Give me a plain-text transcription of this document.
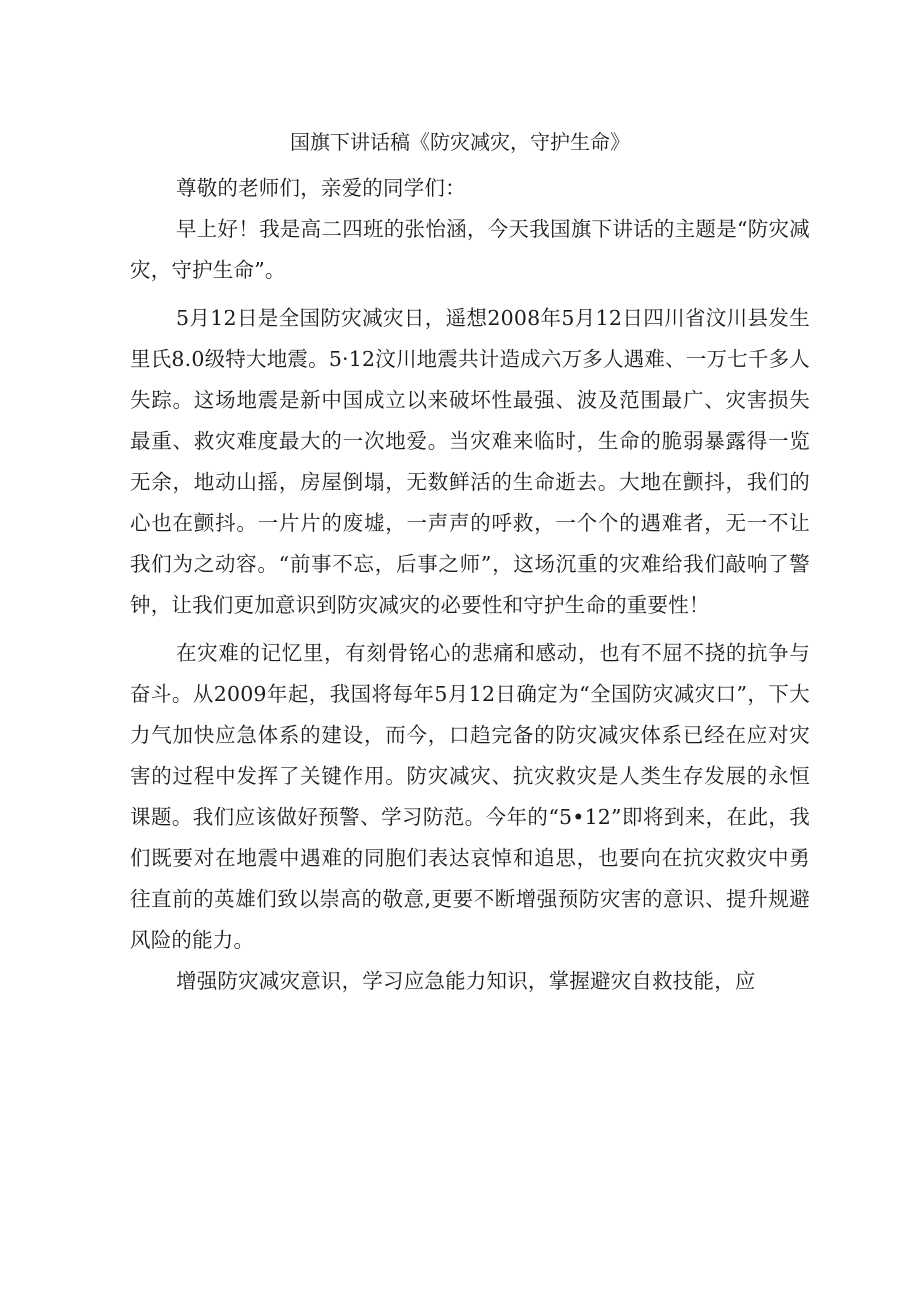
国旗下讲话稿《防灾减灾，守护生命》

尊敬的老师们，亲爱的同学们：

早上好！我是高二四班的张怡涵，今天我国旗下讲话的主题是“防灾减灾，守护生命”。

5月12日是全国防灾减灾日，遥想2008年5月12日四川省汶川县发生里氏8.0级特大地震。5·12汶川地震共计造成六万多人遇难、一万七千多人失踪。这场地震是新中国成立以来破坏性最强、波及范围最广、灾害损失最重、救灾难度最大的一次地爱。当灾难来临时，生命的脆弱暴露得一览无余，地动山摇，房屋倒塌，无数鲜活的生命逝去。大地在颤抖，我们的心也在颤抖。一片片的废墟，一声声的呼救，一个个的遇难者，无一不让我们为之动容。“前事不忘，后事之师”，这场沉重的灾难给我们敲响了警钟，让我们更加意识到防灾减灾的必要性和守护生命的重要性！

在灾难的记忆里，有刻骨铭心的悲痛和感动，也有不屈不挠的抗争与奋斗。从2009年起，我国将每年5月12日确定为“全国防灾减灾口”，下大力气加快应急体系的建设，而今，口趋完备的防灾减灾体系已经在应对灾害的过程中发挥了关键作用。防灾减灾、抗灾救灾是人类生存发展的永恒课题。我们应该做好预警、学习防范。今年的“5•12”即将到来，在此，我们既要对在地震中遇难的同胞们表达哀悼和追思，也要向在抗灾救灾中勇往直前的英雄们致以崇高的敬意,更要不断增强预防灾害的意识、提升规避风险的能力。

增强防灾减灾意识，学习应急能力知识，掌握避灾自救技能，应
